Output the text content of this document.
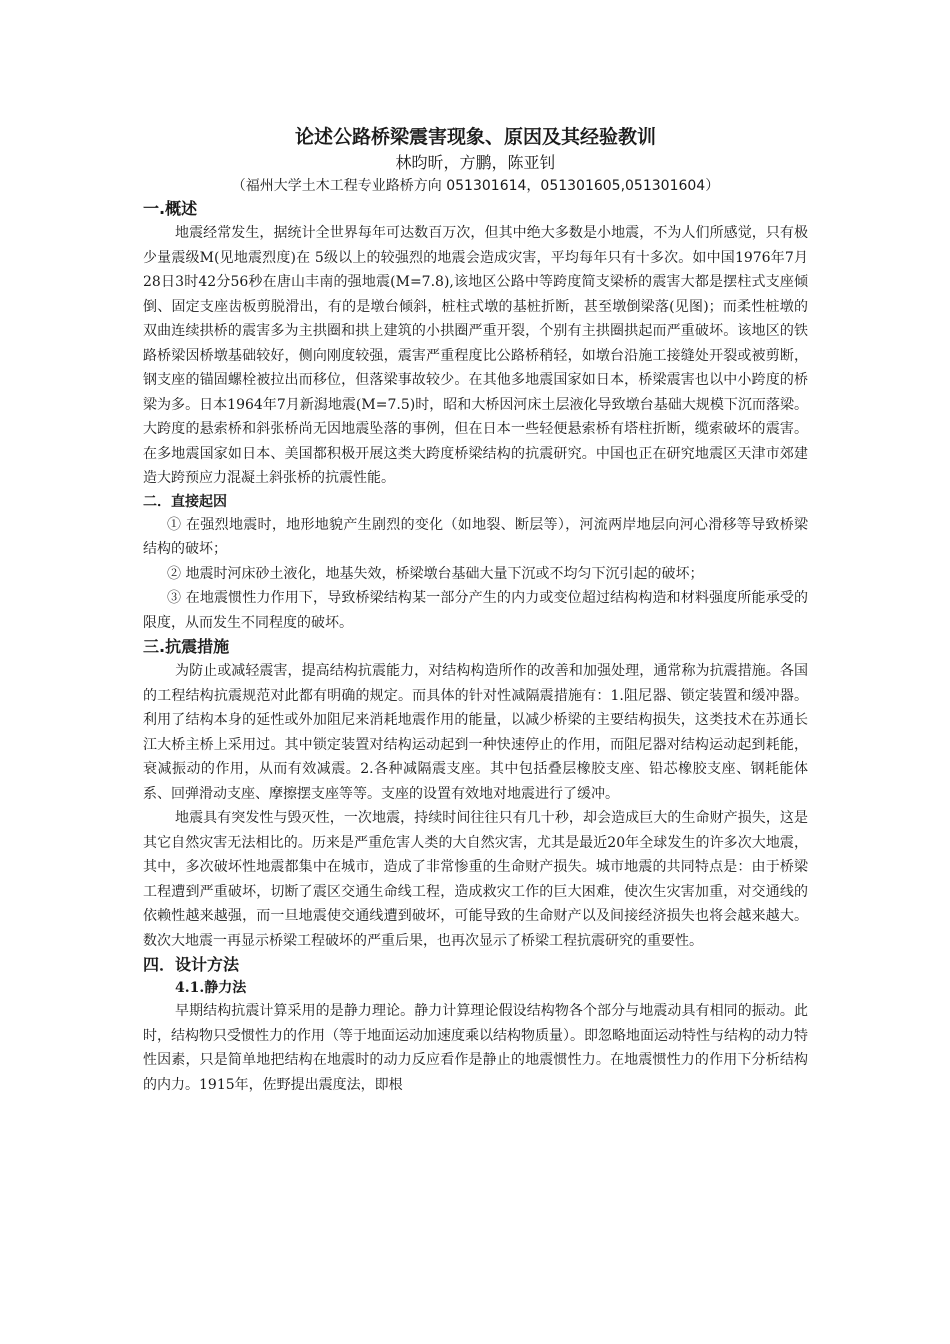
论述公路桥梁震害现象、原因及其经验教训
林昀昕，方鹏，陈亚钊
（福州大学土木工程专业路桥方向 051301614，051301605,051301604）
一.概述

地震经常发生，据统计全世界每年可达数百万次，但其中绝大多数是小地震，不为人们所感觉，只有极少量震级M(见地震烈度)在 5级以上的较强烈的地震会造成灾害，平均每年只有十多次。如中国1976年7月28日3时42分56秒在唐山丰南的强地震(M=7.8),该地区公路中等跨度简支梁桥的震害大都是摆柱式支座倾倒、固定支座齿板剪脱滑出，有的是墩台倾斜，桩柱式墩的基桩折断，甚至墩倒梁落(见图)；而柔性桩墩的双曲连续拱桥的震害多为主拱圈和拱上建筑的小拱圈严重开裂，个别有主拱圈拱起而严重破坏。该地区的铁路桥梁因桥墩基础较好，侧向刚度较强，震害严重程度比公路桥稍轻，如墩台沿施工接缝处开裂或被剪断，钢支座的锚固螺栓被拉出而移位，但落梁事故较少。在其他多地震国家如日本，桥梁震害也以中小跨度的桥梁为多。日本1964年7月新潟地震(M=7.5)时，昭和大桥因河床土层液化导致墩台基础大规模下沉而落梁。大跨度的悬索桥和斜张桥尚无因地震坠落的事例，但在日本一些轻便悬索桥有塔柱折断，缆索破坏的震害。在多地震国家如日本、美国都积极开展这类大跨度桥梁结构的抗震研究。中国也正在研究地震区天津市郊建造大跨预应力混凝土斜张桥的抗震性能。

二．直接起因

① 在强烈地震时，地形地貌产生剧烈的变化（如地裂、断层等），河流两岸地层向河心滑移等导致桥梁结构的破坏；

② 地震时河床砂土液化，地基失效，桥梁墩台基础大量下沉或不均匀下沉引起的破坏；

③ 在地震惯性力作用下，导致桥梁结构某一部分产生的内力或变位超过结构构造和材料强度所能承受的限度，从而发生不同程度的破坏。

三.抗震措施

为防止或减轻震害，提高结构抗震能力，对结构构造所作的改善和加强处理，通常称为抗震措施。各国的工程结构抗震规范对此都有明确的规定。而具体的针对性减隔震措施有：1.阻尼器、锁定装置和缓冲器。利用了结构本身的延性或外加阻尼来消耗地震作用的能量，以减少桥梁的主要结构损失，这类技术在苏通长江大桥主桥上采用过。其中锁定装置对结构运动起到一种快速停止的作用，而阻尼器对结构运动起到耗能，衰减振动的作用，从而有效减震。2.各种减隔震支座。其中包括叠层橡胶支座、铅芯橡胶支座、钢耗能体系、回弹滑动支座、摩擦摆支座等等。支座的设置有效地对地震进行了缓冲。

地震具有突发性与毁灭性，一次地震，持续时间往往只有几十秒，却会造成巨大的生命财产损失，这是其它自然灾害无法相比的。历来是严重危害人类的大自然灾害，尤其是最近20年全球发生的许多次大地震，其中，多次破坏性地震都集中在城市，造成了非常惨重的生命财产损失。城市地震的共同特点是：由于桥梁工程遭到严重破坏，切断了震区交通生命线工程，造成救灾工作的巨大困难，使次生灾害加重，对交通线的依赖性越来越强，而一旦地震使交通线遭到破坏，可能导致的生命财产以及间接经济损失也将会越来越大。数次大地震一再显示桥梁工程破坏的严重后果，也再次显示了桥梁工程抗震研究的重要性。

四．设计方法
4.1.静力法

早期结构抗震计算采用的是静力理论。静力计算理论假设结构物各个部分与地震动具有相同的振动。此时，结构物只受惯性力的作用（等于地面运动加速度乘以结构物质量）。即忽略地面运动特性与结构的动力特性因素，只是简单地把结构在地震时的动力反应看作是静止的地震惯性力。在地震惯性力的作用下分析结构的内力。1915年，佐野提出震度法，即根
